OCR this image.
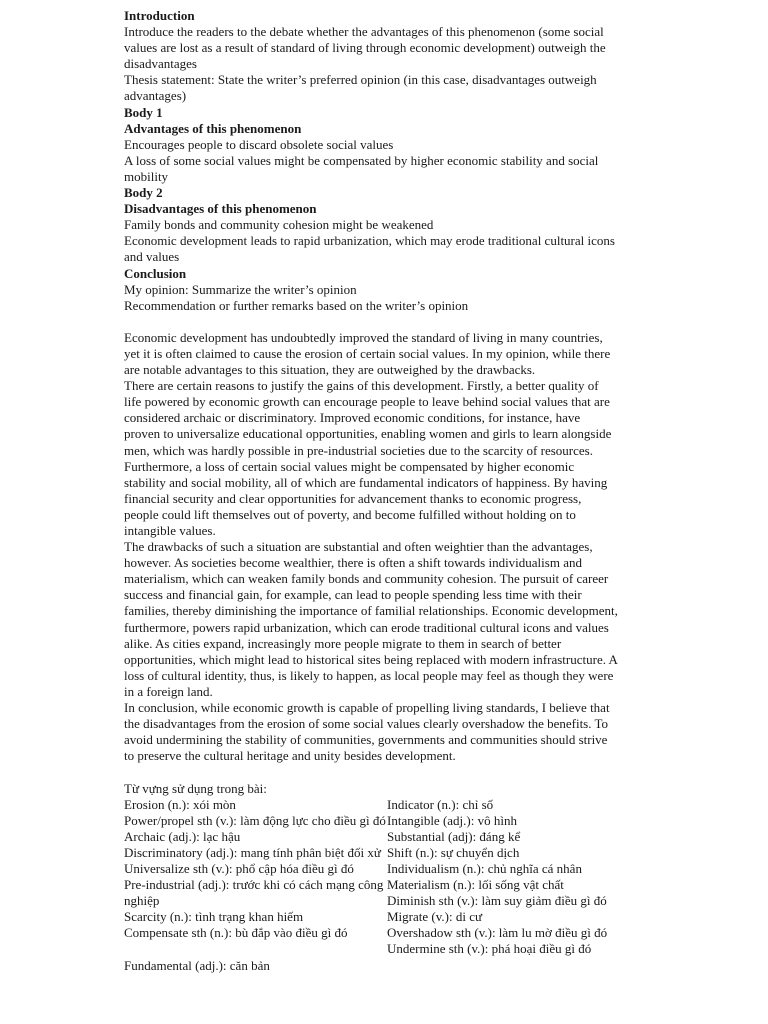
Introduction

Introduce the readers to the debate whether the advantages of this phenomenon (some social values are lost as a result of standard of living through economic development) outweigh the disadvantages

Thesis statement: State the writer’s preferred opinion (in this case, disadvantages outweigh advantages)

Body 1

Advantages of this phenomenon

Encourages people to discard obsolete social values

A loss of some social values might be compensated by higher economic stability and social mobility

Body 2

Disadvantages of this phenomenon

Family bonds and community cohesion might be weakened

Economic development leads to rapid urbanization, which may erode traditional cultural icons and values

Conclusion

My opinion: Summarize the writer’s opinion

Recommendation or further remarks based on the writer’s opinion

Economic development has undoubtedly improved the standard of living in many countries, yet it is often claimed to cause the erosion of certain social values. In my opinion, while there are notable advantages to this situation, they are outweighed by the drawbacks.

There are certain reasons to justify the gains of this development. Firstly, a better quality of life powered by economic growth can encourage people to leave behind social values that are considered archaic or discriminatory. Improved economic conditions, for instance, have proven to universalize educational opportunities, enabling women and girls to learn alongside men, which was hardly possible in pre-industrial societies due to the scarcity of resources. Furthermore, a loss of certain social values might be compensated by higher economic stability and social mobility, all of which are fundamental indicators of happiness. By having financial security and clear opportunities for advancement thanks to economic progress, people could lift themselves out of poverty, and become fulfilled without holding on to intangible values.

The drawbacks of such a situation are substantial and often weightier than the advantages, however. As societies become wealthier, there is often a shift towards individualism and materialism, which can weaken family bonds and community cohesion. The pursuit of career success and financial gain, for example, can lead to people spending less time with their families, thereby diminishing the importance of familial relationships. Economic development, furthermore, powers rapid urbanization, which can erode traditional cultural icons and values alike. As cities expand, increasingly more people migrate to them in search of better opportunities, which might lead to historical sites being replaced with modern infrastructure. A loss of cultural identity, thus, is likely to happen, as local people may feel as though they were in a foreign land.

In conclusion, while economic growth is capable of propelling living standards, I believe that the disadvantages from the erosion of some social values clearly overshadow the benefits. To avoid undermining the stability of communities, governments and communities should strive to preserve the cultural heritage and unity besides development.

Từ vựng sử dụng trong bài:

Erosion (n.): xói mòn

Power/propel sth (v.): làm động lực cho điều gì đó

Archaic (adj.): lạc hậu

Discriminatory (adj.): mang tính phân biệt đối xử

Universalize sth (v.): phổ cập hóa điều gì đó

Pre-industrial (adj.): trước khi có cách mạng công nghiệp

Scarcity (n.): tình trạng khan hiếm

Compensate sth (n.): bù đắp vào điều gì đó

Fundamental (adj.): căn bản

Indicator (n.): chỉ số

Intangible (adj.): vô hình

Substantial (adj): đáng kể

Shift (n.): sự chuyển dịch

Individualism (n.): chủ nghĩa cá nhân

Materialism (n.): lối sống vật chất

Diminish sth (v.): làm suy giảm điều gì đó

Migrate (v.): di cư

Overshadow sth (v.): làm lu mờ điều gì đó

Undermine sth (v.): phá hoại điều gì đó
